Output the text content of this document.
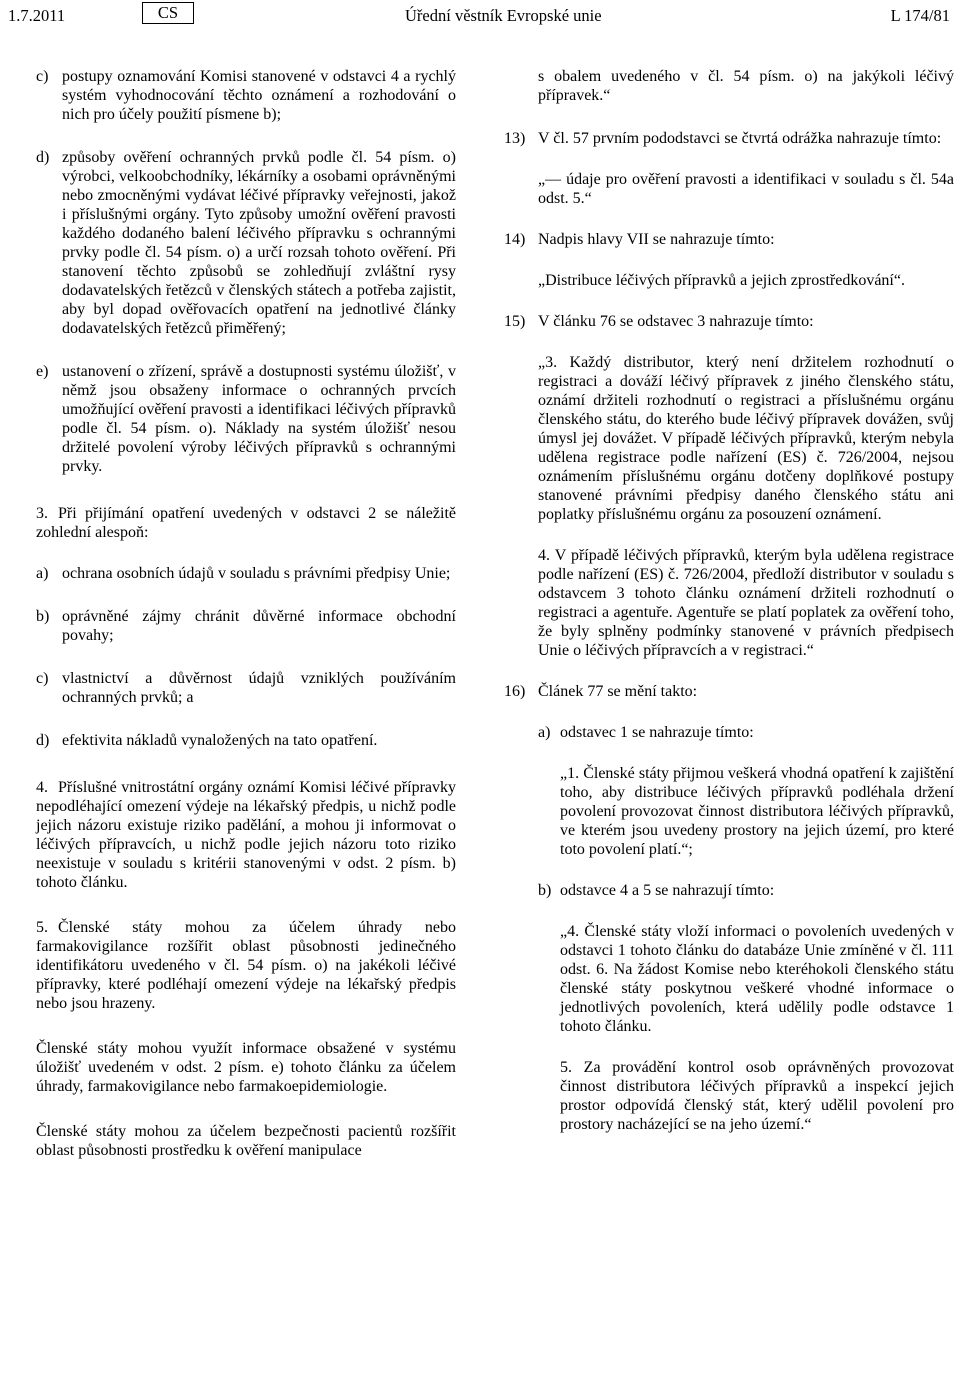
1.7.2011	CS	Úřední věstník Evropské unie	L 174/81
c) postupy oznamování Komisi stanovené v odstavci 4 a rychlý systém vyhodnocování těchto oznámení a rozhodování o nich pro účely použití písmene b);
d) způsoby ověření ochranných prvků podle čl. 54 písm. o) výrobci, velkoobchodníky, lékárníky a osobami oprávněnými nebo zmocněnými vydávat léčivé přípravky veřejnosti, jakož i příslušnými orgány. Tyto způsoby umožní ověření pravosti každého dodaného balení léčivého přípravku s ochrannými prvky podle čl. 54 písm. o) a určí rozsah tohoto ověření. Při stanovení těchto způsobů se zohledňují zvláštní rysy dodavatelských řetězců v členských státech a potřeba zajistit, aby byl dopad ověřovacích opatření na jednotlivé články dodavatelských řetězců přiměřený;
e) ustanovení o zřízení, správě a dostupnosti systému úložišť, v němž jsou obsaženy informace o ochranných prvcích umožňující ověření pravosti a identifikaci léčivých přípravků podle čl. 54 písm. o). Náklady na systém úložišť nesou držitelé povolení výroby léčivých přípravků s ochrannými prvky.

3. Při přijímání opatření uvedených v odstavci 2 se náležitě zohlední alespoň:

a) ochrana osobních údajů v souladu s právními předpisy Unie;
b) oprávněné zájmy chránit důvěrné informace obchodní povahy;
c) vlastnictví a důvěrnost údajů vzniklých používáním ochranných prvků; a
d) efektivita nákladů vynaložených na tato opatření.

4. Příslušné vnitrostátní orgány oznámí Komisi léčivé přípravky nepodléhající omezení výdeje na lékařský předpis, u nichž podle jejich názoru existuje riziko padělání, a mohou ji informovat o léčivých přípravcích, u nichž podle jejich názoru toto riziko neexistuje v souladu s kritérii stanovenými v odst. 2 písm. b) tohoto článku.

5. Členské státy mohou za účelem úhrady nebo farmakovigilance rozšířit oblast působnosti jedinečného identifikátoru uvedeného v čl. 54 písm. o) na jakékoli léčivé přípravky, které podléhají omezení výdeje na lékařský předpis nebo jsou hrazeny.

Členské státy mohou využít informace obsažené v systému úložišť uvedeném v odst. 2 písm. e) tohoto článku za účelem úhrady, farmakovigilance nebo farmakoepidemiologie.

Členské státy mohou za účelem bezpečnosti pacientů rozšířit oblast působnosti prostředku k ověření manipulace

s obalem uvedeného v čl. 54 písm. o) na jakýkoli léčivý přípravek.“

13) V čl. 57 prvním pododstavci se čtvrtá odrážka nahrazuje tímto:

„— údaje pro ověření pravosti a identifikaci v souladu s čl. 54a odst. 5.“

14) Nadpis hlavy VII se nahrazuje tímto:

„Distribuce léčivých přípravků a jejich zprostředkování“.

15) V článku 76 se odstavec 3 nahrazuje tímto:

„3. Každý distributor, který není držitelem rozhodnutí o registraci a dováží léčivý přípravek z jiného členského státu, oznámí držiteli rozhodnutí o registraci a příslušnému orgánu členského státu, do kterého bude léčivý přípravek dovážen, svůj úmysl jej dovážet. V případě léčivých přípravků, kterým nebyla udělena registrace podle nařízení (ES) č. 726/2004, nejsou oznámením příslušnému orgánu dotčeny doplňkové postupy stanovené právními předpisy daného členského státu ani poplatky příslušnému orgánu za posouzení oznámení.

4. V případě léčivých přípravků, kterým byla udělena registrace podle nařízení (ES) č. 726/2004, předloží distributor v souladu s odstavcem 3 tohoto článku oznámení držiteli rozhodnutí o registraci a agentuře. Agentuře se platí poplatek za ověření toho, že byly splněny podmínky stanovené v právních předpisech Unie o léčivých přípravcích a v registraci.“

16) Článek 77 se mění takto:
a) odstavec 1 se nahrazuje tímto:

„1. Členské státy přijmou veškerá vhodná opatření k zajištění toho, aby distribuce léčivých přípravků podléhala držení povolení provozovat činnost distributora léčivých přípravků, ve kterém jsou uvedeny prostory na jejich území, pro které toto povolení platí.“;

b) odstavce 4 a 5 se nahrazují tímto:

„4. Členské státy vloží informaci o povoleních uvedených v odstavci 1 tohoto článku do databáze Unie zmíněné v čl. 111 odst. 6. Na žádost Komise nebo kteréhokoli členského státu členské státy poskytnou veškeré vhodné informace o jednotlivých povoleních, která udělily podle odstavce 1 tohoto článku.

5. Za provádění kontrol osob oprávněných provozovat činnost distributora léčivých přípravků a inspekcí jejich prostor odpovídá členský stát, který udělil povolení pro prostory nacházející se na jeho území.“
